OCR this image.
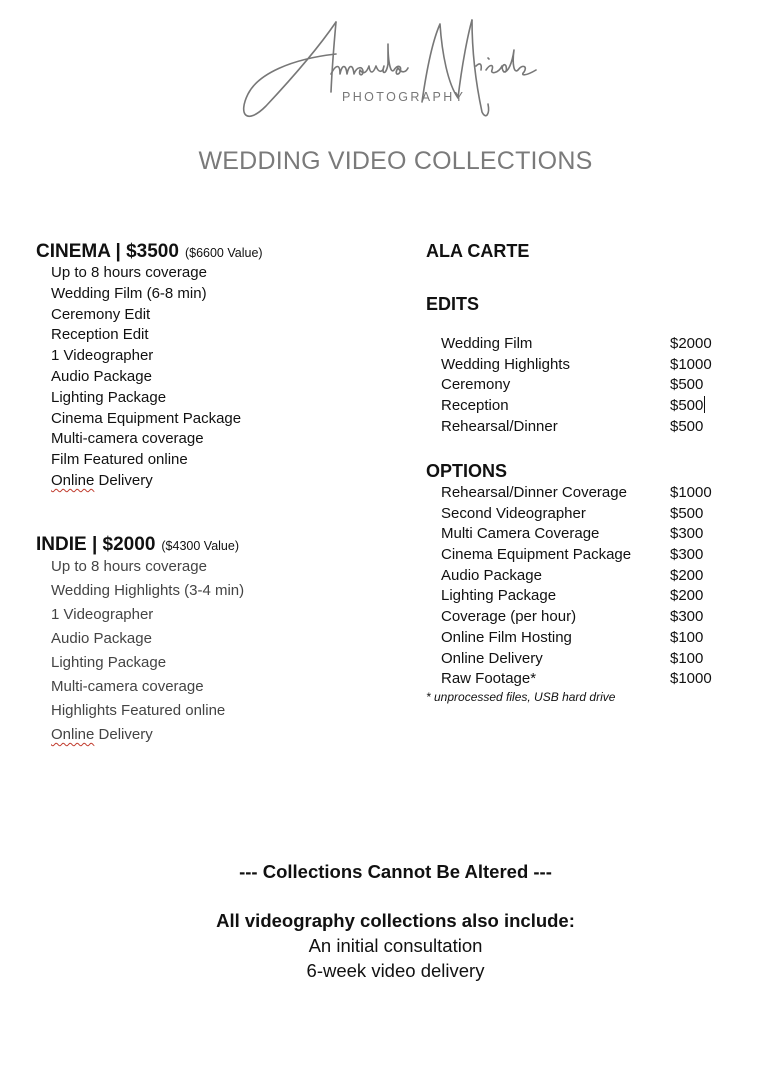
PHOTOGRAPHY
WEDDING VIDEO COLLECTIONS
CINEMA | $3500 ($6600 Value)
Up to 8 hours coverage
Wedding Film (6-8 min)
Ceremony Edit
Reception Edit
1 Videographer
Audio Package
Lighting Package
Cinema Equipment Package
Multi-camera coverage
Film Featured online
Online Delivery
INDIE | $2000 ($4300 Value)
Up to 8 hours coverage
Wedding Highlights (3-4 min)
1 Videographer
Audio Package
Lighting Package
Multi-camera coverage
Highlights Featured online
Online Delivery
ALA CARTE
EDITS
Wedding Film	$2000
Wedding Highlights	$1000
Ceremony	$500
Reception	$500
Rehearsal/Dinner	$500
OPTIONS
Rehearsal/Dinner Coverage	$1000
Second Videographer	$500
Multi Camera Coverage	$300
Cinema Equipment Package	$300
Audio Package	$200
Lighting Package	$200
Coverage (per hour)	$300
Online Film Hosting	$100
Online Delivery	$100
Raw Footage*	$1000
* unprocessed files, USB hard drive
--- Collections Cannot Be Altered ---
All videography collections also include:
An initial consultation
6-week video delivery
